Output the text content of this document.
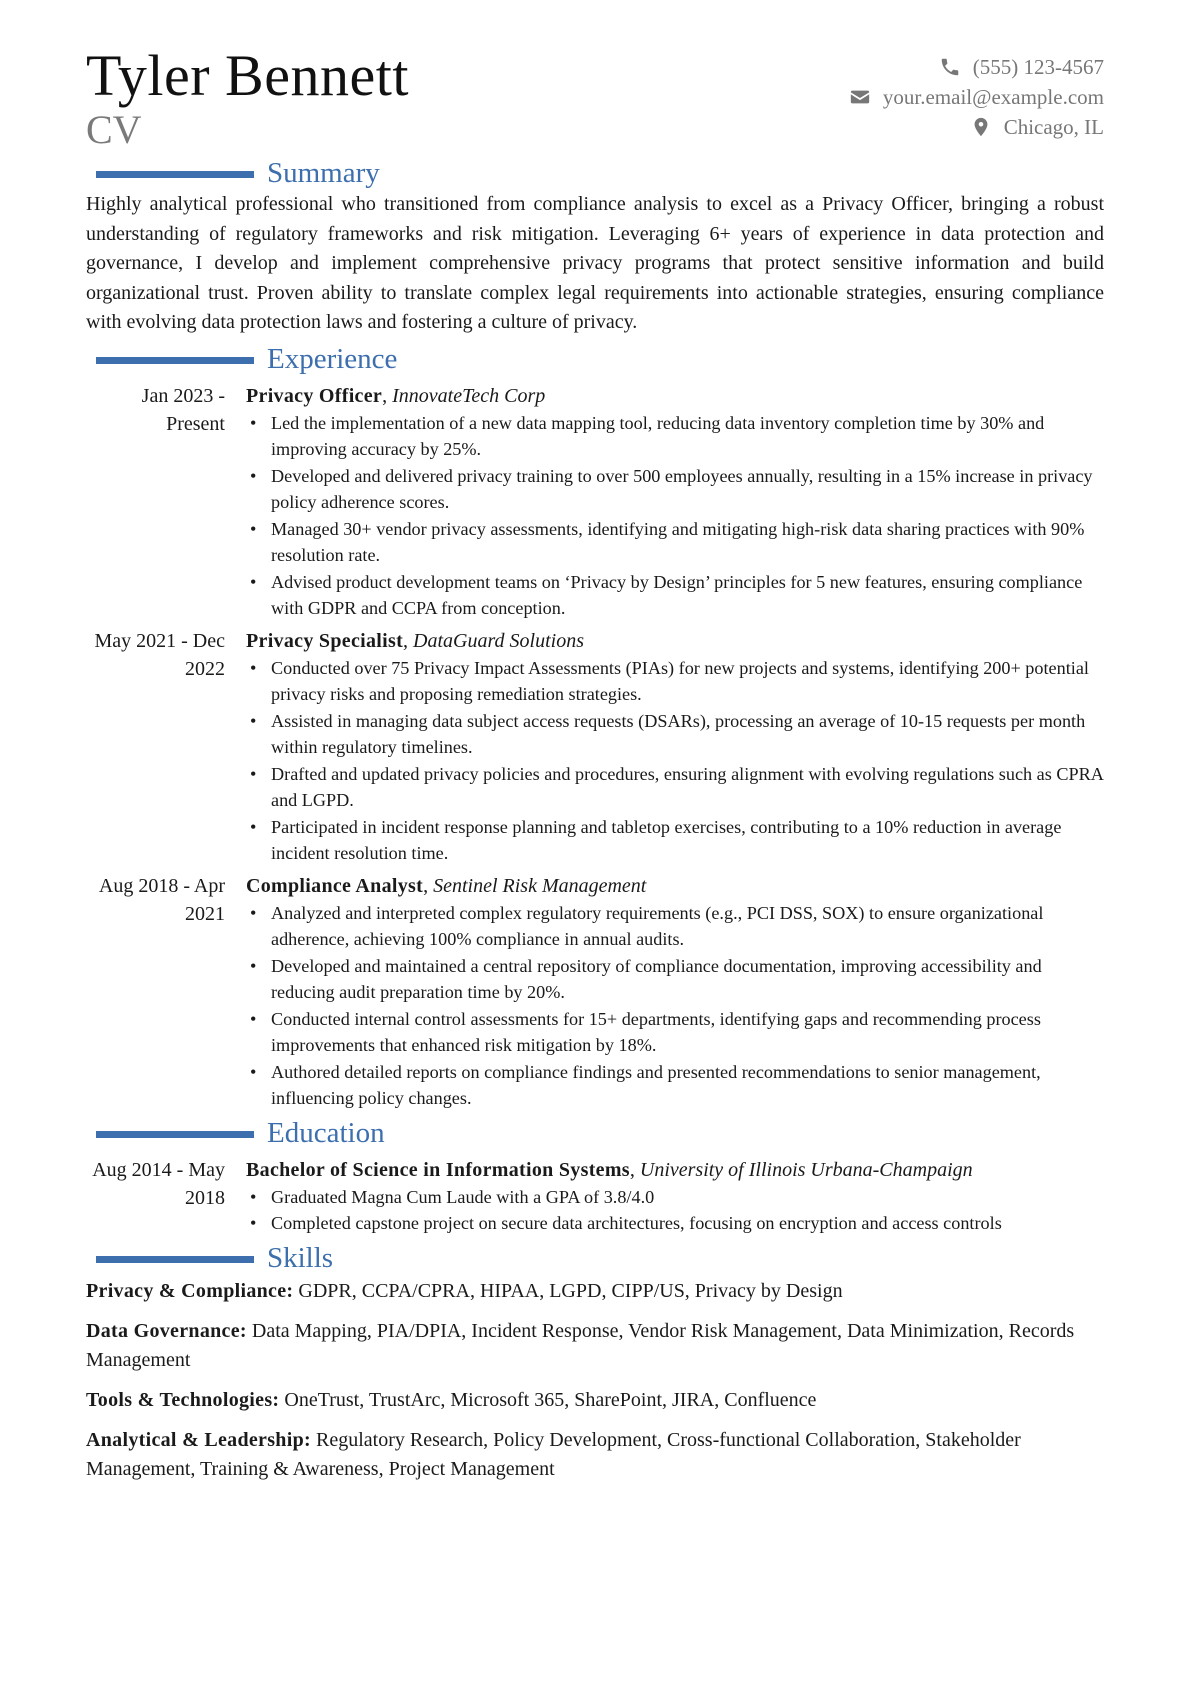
Tyler Bennett
CV
(555) 123-4567
your.email@example.com
Chicago, IL
Summary

Highly analytical professional who transitioned from compliance analysis to excel as a Privacy Officer, bringing a robust understanding of regulatory frameworks and risk mitigation. Leveraging 6+ years of experience in data protection and governance, I develop and implement comprehensive privacy programs that protect sensitive information and build organizational trust. Proven ability to translate complex legal requirements into actionable strategies, ensuring compliance with evolving data protection laws and fostering a culture of privacy.

Experience
Jan 2023 - Present
Privacy Officer, InnovateTech Corp
• Led the implementation of a new data mapping tool, reducing data inventory completion time by 30% and improving accuracy by 25%.
• Developed and delivered privacy training to over 500 employees annually, resulting in a 15% increase in privacy policy adherence scores.
• Managed 30+ vendor privacy assessments, identifying and mitigating high-risk data sharing practices with 90% resolution rate.
• Advised product development teams on ‘Privacy by Design’ principles for 5 new features, ensuring compliance with GDPR and CCPA from conception.
May 2021 - Dec 2022
Privacy Specialist, DataGuard Solutions
• Conducted over 75 Privacy Impact Assessments (PIAs) for new projects and systems, identifying 200+ potential privacy risks and proposing remediation strategies.
• Assisted in managing data subject access requests (DSARs), processing an average of 10-15 requests per month within regulatory timelines.
• Drafted and updated privacy policies and procedures, ensuring alignment with evolving regulations such as CPRA and LGPD.
• Participated in incident response planning and tabletop exercises, contributing to a 10% reduction in average incident resolution time.
Aug 2018 - Apr 2021
Compliance Analyst, Sentinel Risk Management
• Analyzed and interpreted complex regulatory requirements (e.g., PCI DSS, SOX) to ensure organizational adherence, achieving 100% compliance in annual audits.
• Developed and maintained a central repository of compliance documentation, improving accessibility and reducing audit preparation time by 20%.
• Conducted internal control assessments for 15+ departments, identifying gaps and recommending process improvements that enhanced risk mitigation by 18%.
• Authored detailed reports on compliance findings and presented recommendations to senior management, influencing policy changes.
Education
Aug 2014 - May 2018
Bachelor of Science in Information Systems, University of Illinois Urbana-Champaign
• Graduated Magna Cum Laude with a GPA of 3.8/4.0
• Completed capstone project on secure data architectures, focusing on encryption and access controls
Skills
Privacy & Compliance: GDPR, CCPA/CPRA, HIPAA, LGPD, CIPP/US, Privacy by Design
Data Governance: Data Mapping, PIA/DPIA, Incident Response, Vendor Risk Management, Data Minimization, Records Management
Tools & Technologies: OneTrust, TrustArc, Microsoft 365, SharePoint, JIRA, Confluence
Analytical & Leadership: Regulatory Research, Policy Development, Cross-functional Collaboration, Stakeholder Management, Training & Awareness, Project Management
